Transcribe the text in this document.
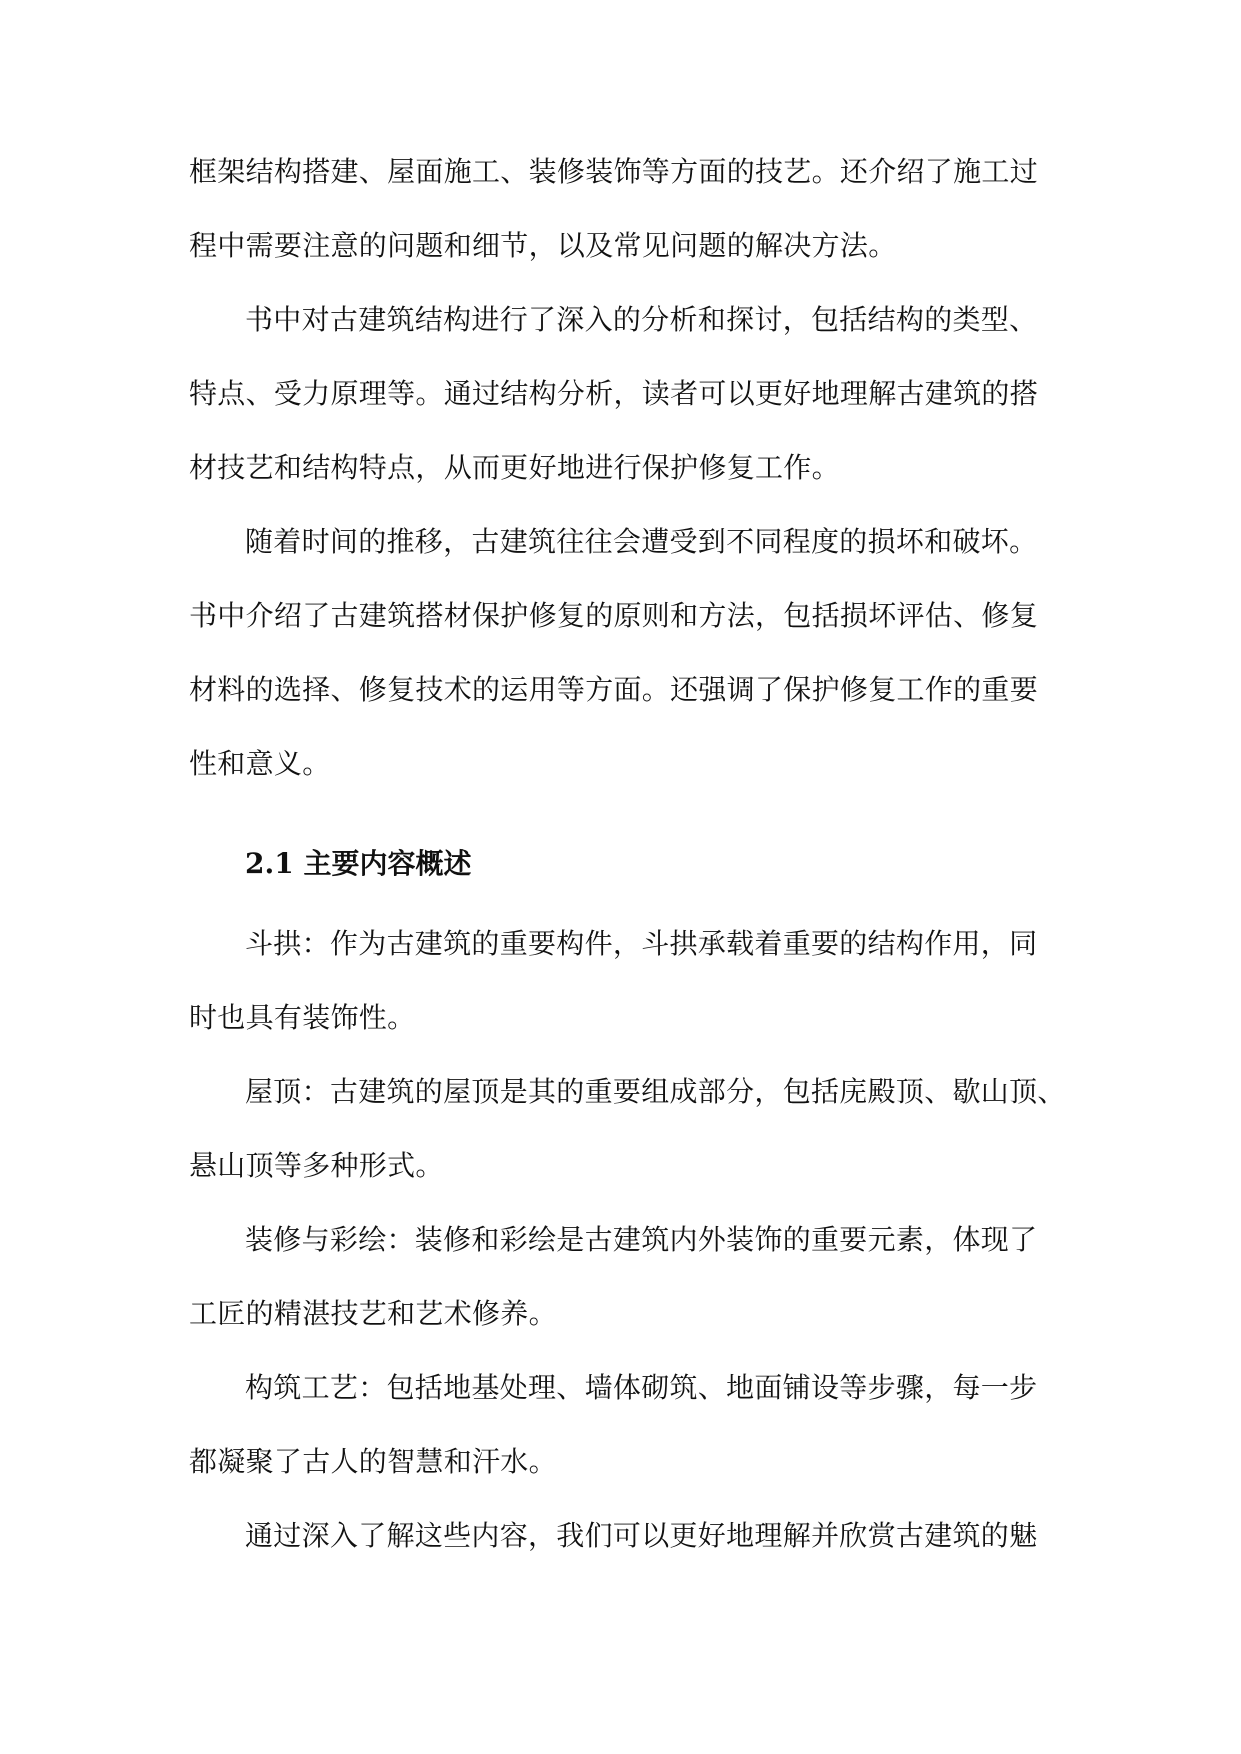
框架结构搭建、屋面施工、装修装饰等方面的技艺。还介绍了施工过
程中需要注意的问题和细节，以及常见问题的解决方法。
书中对古建筑结构进行了深入的分析和探讨，包括结构的类型、
特点、受力原理等。通过结构分析，读者可以更好地理解古建筑的搭
材技艺和结构特点，从而更好地进行保护修复工作。
随着时间的推移，古建筑往往会遭受到不同程度的损坏和破坏。
书中介绍了古建筑搭材保护修复的原则和方法，包括损坏评估、修复
材料的选择、修复技术的运用等方面。还强调了保护修复工作的重要
性和意义。
2.1 主要内容概述
斗拱：作为古建筑的重要构件，斗拱承载着重要的结构作用，同
时也具有装饰性。
屋顶：古建筑的屋顶是其的重要组成部分，包括庑殿顶、歇山顶、
悬山顶等多种形式。
装修与彩绘：装修和彩绘是古建筑内外装饰的重要元素，体现了
工匠的精湛技艺和艺术修养。
构筑工艺：包括地基处理、墙体砌筑、地面铺设等步骤，每一步
都凝聚了古人的智慧和汗水。
通过深入了解这些内容，我们可以更好地理解并欣赏古建筑的魅
